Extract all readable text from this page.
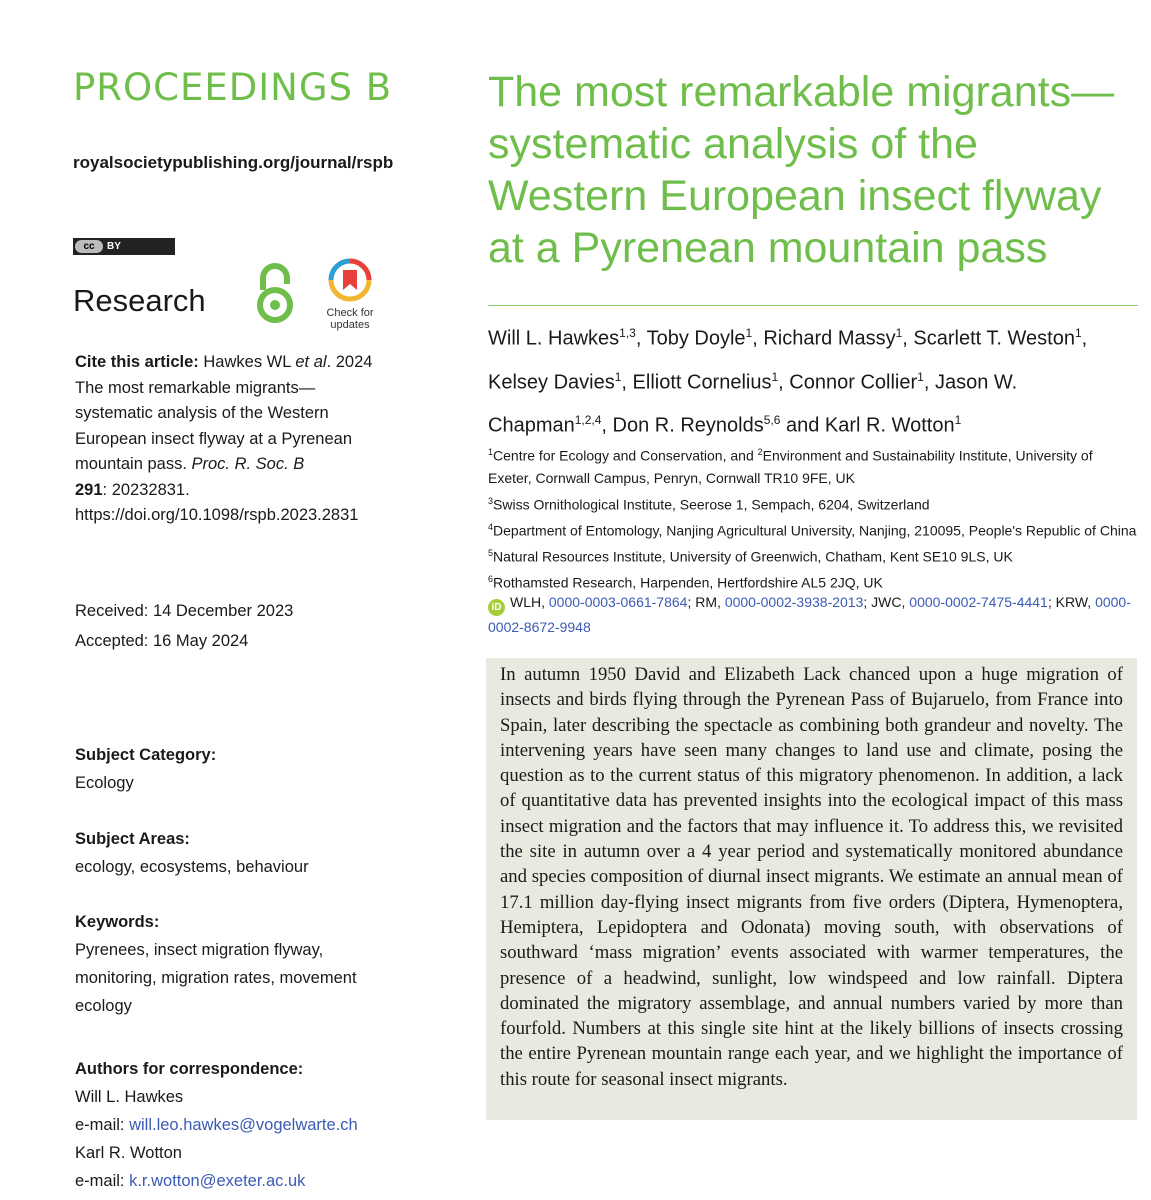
PROCEEDINGS B
royalsocietypublishing.org/journal/rspb
cc	BY
Research	Check for
updates
Cite this article: Hawkes WL et al. 2024 The most remarkable migrants—systematic analysis of the Western European insect flyway at a Pyrenean mountain pass. Proc. R. Soc. B
291: 20232831.
https://doi.org/10.1098/rspb.2023.2831
Received: 14 December 2023
Accepted: 16 May 2024
Subject Category:
Ecology
Subject Areas:
ecology, ecosystems, behaviour
Keywords:
Pyrenees, insect migration flyway, monitoring, migration rates, movement ecology
Authors for correspondence:
Will L. Hawkes
e-mail: will.leo.hawkes@vogelwarte.ch
Karl R. Wotton
e-mail: k.r.wotton@exeter.ac.uk
The most remarkable migrants—systematic analysis of the Western European insect flyway at a Pyrenean mountain pass
Will L. Hawkes$^{1,3}$, Toby Doyle$^1$, Richard Massy$^1$, Scarlett T. Weston$^1$, Kelsey Davies$^1$, Elliott Cornelius$^1$, Connor Collier$^1$, Jason W. Chapman$^{1,2,4}$, Don R. Reynolds$^{5,6}$ and Karl R. Wotton$^1$
$^1$Centre for Ecology and Conservation, and $^2$Environment and Sustainability Institute, University of Exeter, Cornwall Campus, Penryn, Cornwall TR10 9FE, UK
$^3$Swiss Ornithological Institute, Seerose 1, Sempach, 6204, Switzerland
$^4$Department of Entomology, Nanjing Agricultural University, Nanjing, 210095, People's Republic of China
$^5$Natural Resources Institute, University of Greenwich, Chatham, Kent SE10 9LS, UK
$^6$Rothamsted Research, Harpenden, Hertfordshire AL5 2JQ, UK
iD WLH, 0000-0003-0661-7864; RM, 0000-0002-3938-2013; JWC, 0000-0002-7475-4441; KRW, 0000-0002-8672-9948
In autumn 1950 David and Elizabeth Lack chanced upon a huge migration of insects and birds flying through the Pyrenean Pass of Bujaruelo, from France into Spain, later describing the spectacle as combining both grandeur and novelty. The intervening years have seen many changes to land use and climate, posing the question as to the current status of this migratory phenomenon. In addition, a lack of quantitative data has prevented insights into the ecological impact of this mass insect migration and the factors that may influence it. To address this, we revisited the site in autumn over a 4 year period and systematically monitored abundance and species composition of diurnal insect migrants. We estimate an annual mean of 17.1 million day-flying insect migrants from five orders (Diptera, Hymenoptera, Hemiptera, Lepidoptera and Odonata) moving south, with observations of southward ‘mass migration’ events associated with warmer temperatures, the presence of a headwind, sunlight, low windspeed and low rainfall. Diptera dominated the migratory assemblage, and annual numbers varied by more than fourfold. Numbers at this single site hint at the likely billions of insects crossing the entire Pyrenean mountain range each year, and we highlight the importance of this route for seasonal insect migrants.
